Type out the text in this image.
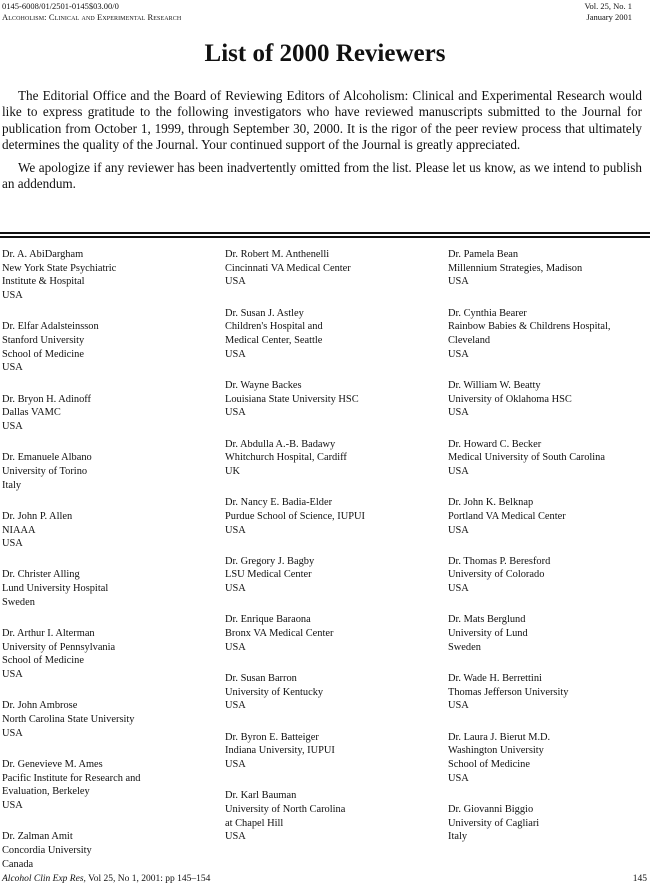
0145-6008/01/2501-0145$03.00/0
Alcoholism: Clinical and Experimental Research
Vol. 25, No. 1
January 2001
List of 2000 Reviewers

The Editorial Office and the Board of Reviewing Editors of Alcoholism: Clinical and Experimental Research would like to express gratitude to the following investigators who have reviewed manuscripts submitted to the Journal for publication from October 1, 1999, through September 30, 2000. It is the rigor of the peer review process that ultimately determines the quality of the Journal. Your continued support of the Journal is greatly appreciated.

We apologize if any reviewer has been inadvertently omitted from the list. Please let us know, as we intend to publish an addendum.

Dr. A. AbiDargham
New York State Psychiatric
Institute & Hospital
USA
Dr. Elfar Adalsteinsson
Stanford University
School of Medicine
USA
Dr. Bryon H. Adinoff
Dallas VAMC
USA
Dr. Emanuele Albano
University of Torino
Italy
Dr. John P. Allen
NIAAA
USA
Dr. Christer Alling
Lund University Hospital
Sweden
Dr. Arthur I. Alterman
University of Pennsylvania
School of Medicine
USA
Dr. John Ambrose
North Carolina State University
USA
Dr. Genevieve M. Ames
Pacific Institute for Research and
Evaluation, Berkeley
USA
Dr. Zalman Amit
Concordia University
Canada
Dr. Robert M. Anthenelli
Cincinnati VA Medical Center
USA
Dr. Susan J. Astley
Children's Hospital and
Medical Center, Seattle
USA
Dr. Wayne Backes
Louisiana State University HSC
USA
Dr. Abdulla A.-B. Badawy
Whitchurch Hospital, Cardiff
UK
Dr. Nancy E. Badia-Elder
Purdue School of Science, IUPUI
USA
Dr. Gregory J. Bagby
LSU Medical Center
USA
Dr. Enrique Baraona
Bronx VA Medical Center
USA
Dr. Susan Barron
University of Kentucky
USA
Dr. Byron E. Batteiger
Indiana University, IUPUI
USA
Dr. Karl Bauman
University of North Carolina
at Chapel Hill
USA
Dr. Pamela Bean
Millennium Strategies, Madison
USA
Dr. Cynthia Bearer
Rainbow Babies & Childrens Hospital,
Cleveland
USA
Dr. William W. Beatty
University of Oklahoma HSC
USA
Dr. Howard C. Becker
Medical University of South Carolina
USA
Dr. John K. Belknap
Portland VA Medical Center
USA
Dr. Thomas P. Beresford
University of Colorado
USA
Dr. Mats Berglund
University of Lund
Sweden
Dr. Wade H. Berrettini
Thomas Jefferson University
USA
Dr. Laura J. Bierut M.D.
Washington University
School of Medicine
USA
Dr. Giovanni Biggio
University of Cagliari
Italy
Alcohol Clin Exp Res, Vol 25, No 1, 2001: pp 145–154	145
